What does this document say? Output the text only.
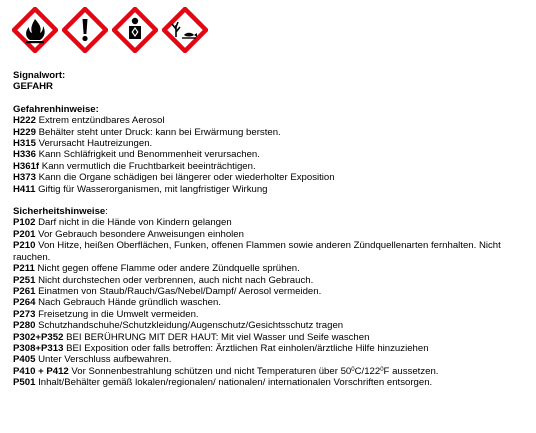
Signalwort:

GEFAHR

Gefahrenhinweise:

H222 Extrem entzündbares Aerosol

H229 Behälter steht unter Druck: kann bei Erwärmung bersten.

H315 Verursacht Hautreizungen.

H336 Kann Schläfrigkeit und Benommenheit verursachen.

H361f Kann vermutlich die Fruchtbarkeit beeinträchtigen.

H373 Kann die Organe schädigen bei längerer oder wiederholter Exposition

H411 Giftig für Wasserorganismen, mit langfristiger Wirkung

Sicherheitshinweise:

P102 Darf nicht in die Hände von Kindern gelangen

P201 Vor Gebrauch besondere Anweisungen einholen

P210 Von Hitze, heißen Oberflächen, Funken, offenen Flammen sowie anderen Zündquellenarten fernhalten. Nicht rauchen.

P211 Nicht gegen offene Flamme oder andere Zündquelle sprühen.

P251 Nicht durchstechen oder verbrennen, auch nicht nach Gebrauch.

P261 Einatmen von Staub/Rauch/Gas/Nebel/Dampf/ Aerosol vermeiden.

P264 Nach Gebrauch Hände gründlich waschen.

P273 Freisetzung in die Umwelt vermeiden.

P280 Schutzhandschuhe/Schutzkleidung/Augenschutz/Gesichtsschutz tragen

P302+P352 BEI BERÜHRUNG MIT DER HAUT: Mit viel Wasser und Seife waschen

P308+P313 BEI Exposition oder falls betroffen: Ärztlichen Rat einholen/ärztliche Hilfe hinzuziehen

P405 Unter Verschluss aufbewahren.

P410 + P412 Vor Sonnenbestrahlung schützen und nicht Temperaturen über $50^0C/122^0F$ aussetzen.

P501 Inhalt/Behälter gemäß lokalen/regionalen/ nationalen/ internationalen Vorschriften entsorgen.
